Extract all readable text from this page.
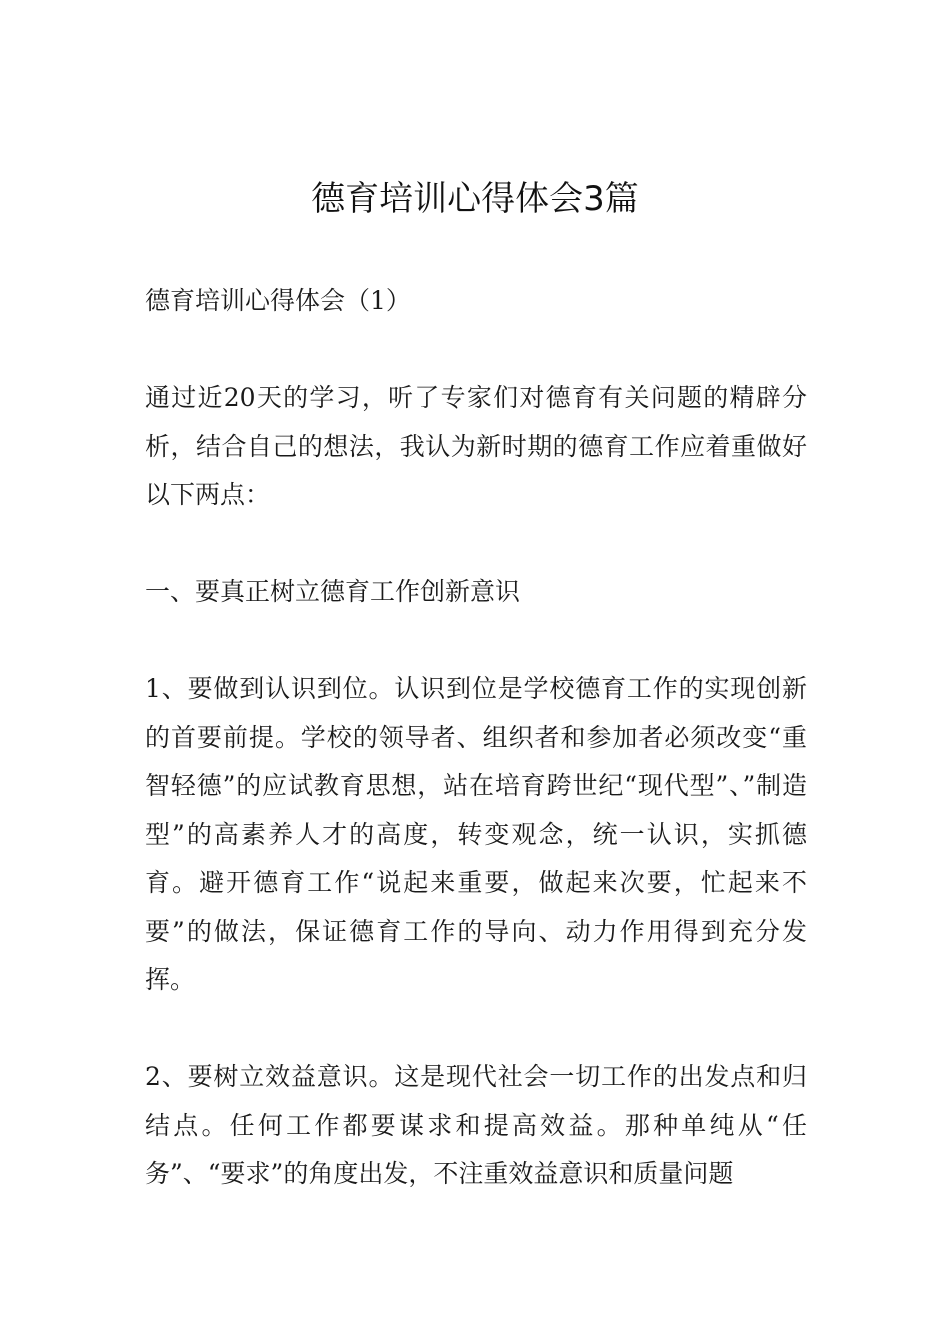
德育培训心得体会3篇

德育培训心得体会（1）

通过近20天的学习，听了专家们对德育有关问题的精辟分析，结合自己的想法，我认为新时期的德育工作应着重做好以下两点：

一、要真正树立德育工作创新意识

1、要做到认识到位。认识到位是学校德育工作的实现创新的首要前提。学校的领导者、组织者和参加者必须改变“重智轻德”的应试教育思想，站在培育跨世纪“现代型”、”制造型”的高素养人才的高度，转变观念，统一认识，实抓德育。避开德育工作“说起来重要，做起来次要，忙起来不要”的做法，保证德育工作的导向、动力作用得到充分发挥。

2、要树立效益意识。这是现代社会一切工作的出发点和归结点。任何工作都要谋求和提高效益。那种单纯从“任务”、“要求”的角度出发，不注重效益意识和质量问题
